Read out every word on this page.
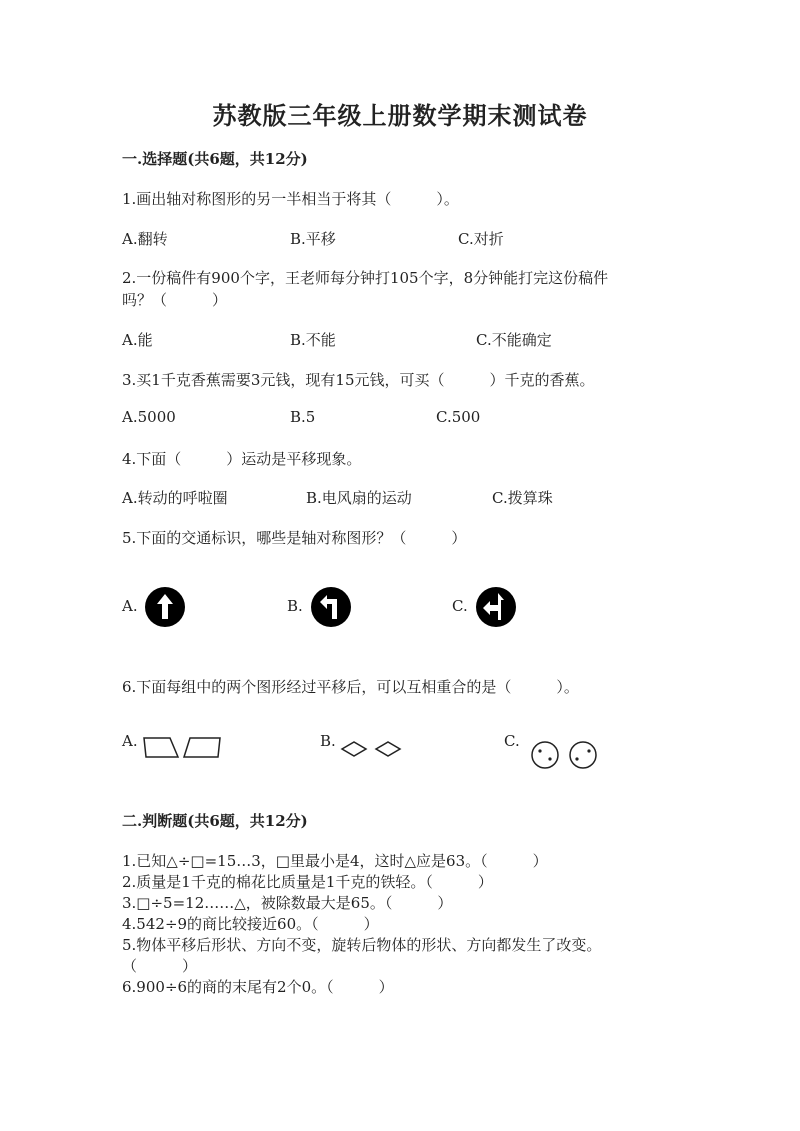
苏教版三年级上册数学期末测试卷
一.选择题(共6题，共12分)
1.画出轴对称图形的另一半相当于将其（　　　）。
A.翻转	B.平移	C.对折
2.一份稿件有900个字，王老师每分钟打105个字，8分钟能打完这份稿件
吗？（　　　）
A.能	B.不能	C.不能确定
3.买1千克香蕉需要3元钱，现有15元钱，可买（　　　）千克的香蕉。
A.5000	B.5	C.500
4.下面（　　　）运动是平移现象。
A.转动的呼啦圈	B.电风扇的运动	C.拨算珠
5.下面的交通标识，哪些是轴对称图形？（　　　）
A.	B.	C.
6.下面每组中的两个图形经过平移后，可以互相重合的是（　　　）。
A.	B.	C.
二.判断题(共6题，共12分)
1.已知△÷□=15…3，□里最小是4，这时△应是63。（　　　）
2.质量是1千克的棉花比质量是1千克的铁轻。（　　　）
3.□÷5=12……△，被除数最大是65。（　　　）
4.542÷9的商比较接近60。（　　　）
5.物体平移后形状、方向不变，旋转后物体的形状、方向都发生了改变。
（　　　）
6.900÷6的商的末尾有2个0。（　　　）
